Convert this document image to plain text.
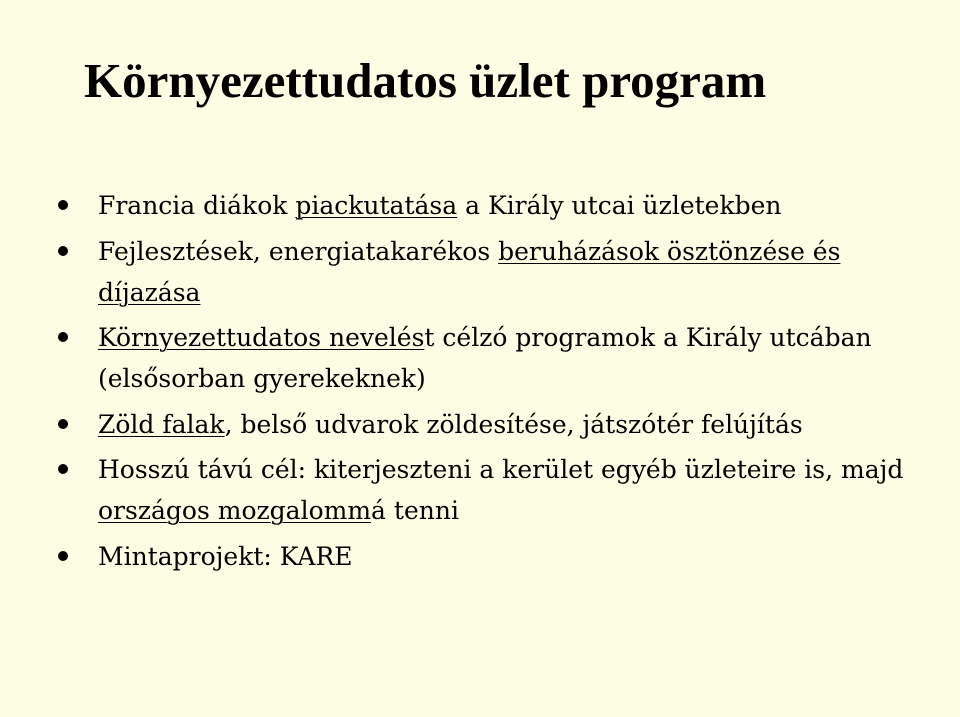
Környezettudatos üzlet program
Francia diákok piackutatása a Király utcai üzletekben
Fejlesztések, energiatakarékos beruházások ösztönzése és díjazása
Környezettudatos nevelést célzó programok a Király utcában (elsősorban gyerekeknek)
Zöld falak, belső udvarok zöldesítése, játszótér felújítás
Hosszú távú cél: kiterjeszteni a kerület egyéb üzleteire is, majd országos mozgalommá tenni
Mintaprojekt: KARE
